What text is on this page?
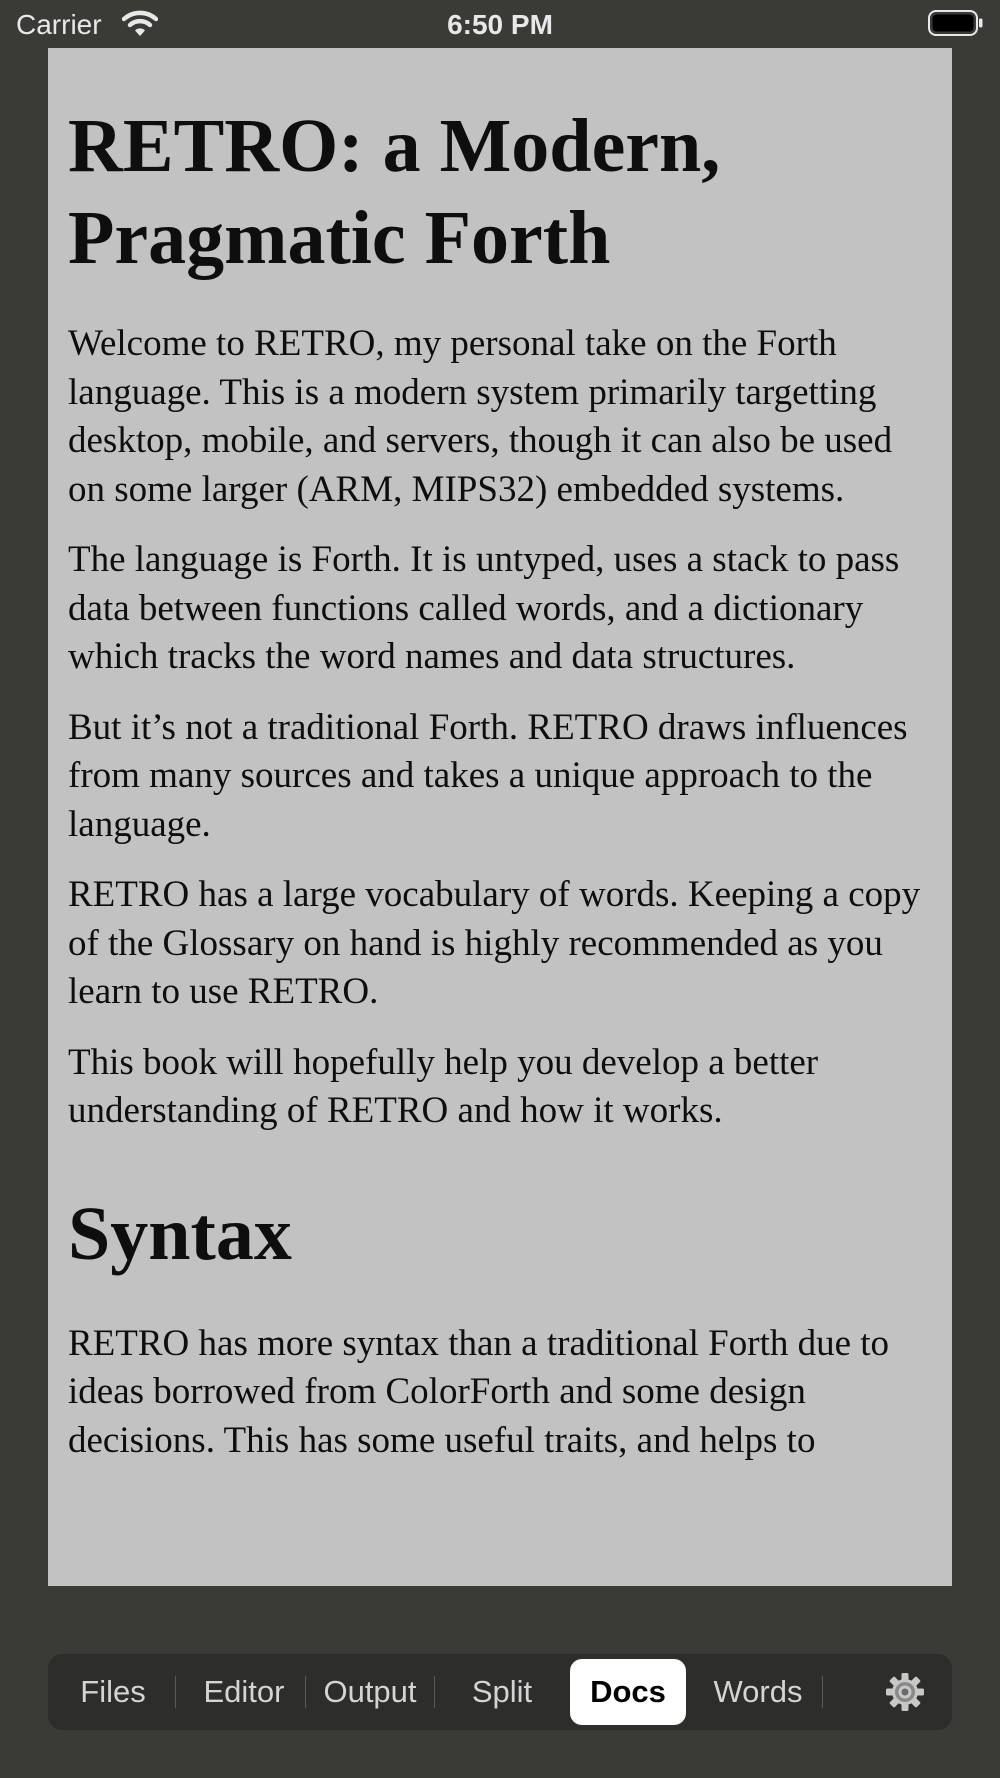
Carrier	6:50 PM
RETRO: a Modern, Pragmatic Forth

Welcome to RETRO, my personal take on the Forth language. This is a modern system primarily targetting desktop, mobile, and servers, though it can also be used on some larger (ARM, MIPS32) embedded systems.

The language is Forth. It is untyped, uses a stack to pass data between functions called words, and a dictionary which tracks the word names and data structures.

But it’s not a traditional Forth. RETRO draws influences from many sources and takes a unique approach to the language.

RETRO has a large vocabulary of words. Keeping a copy of the Glossary on hand is highly recommended as you learn to use RETRO.

This book will hopefully help you develop a better understanding of RETRO and how it works.

Syntax

RETRO has more syntax than a traditional Forth due to ideas borrowed from ColorForth and some design decisions. This has some useful traits, and helps to

Files	Editor	Output	Split	Docs	Words
